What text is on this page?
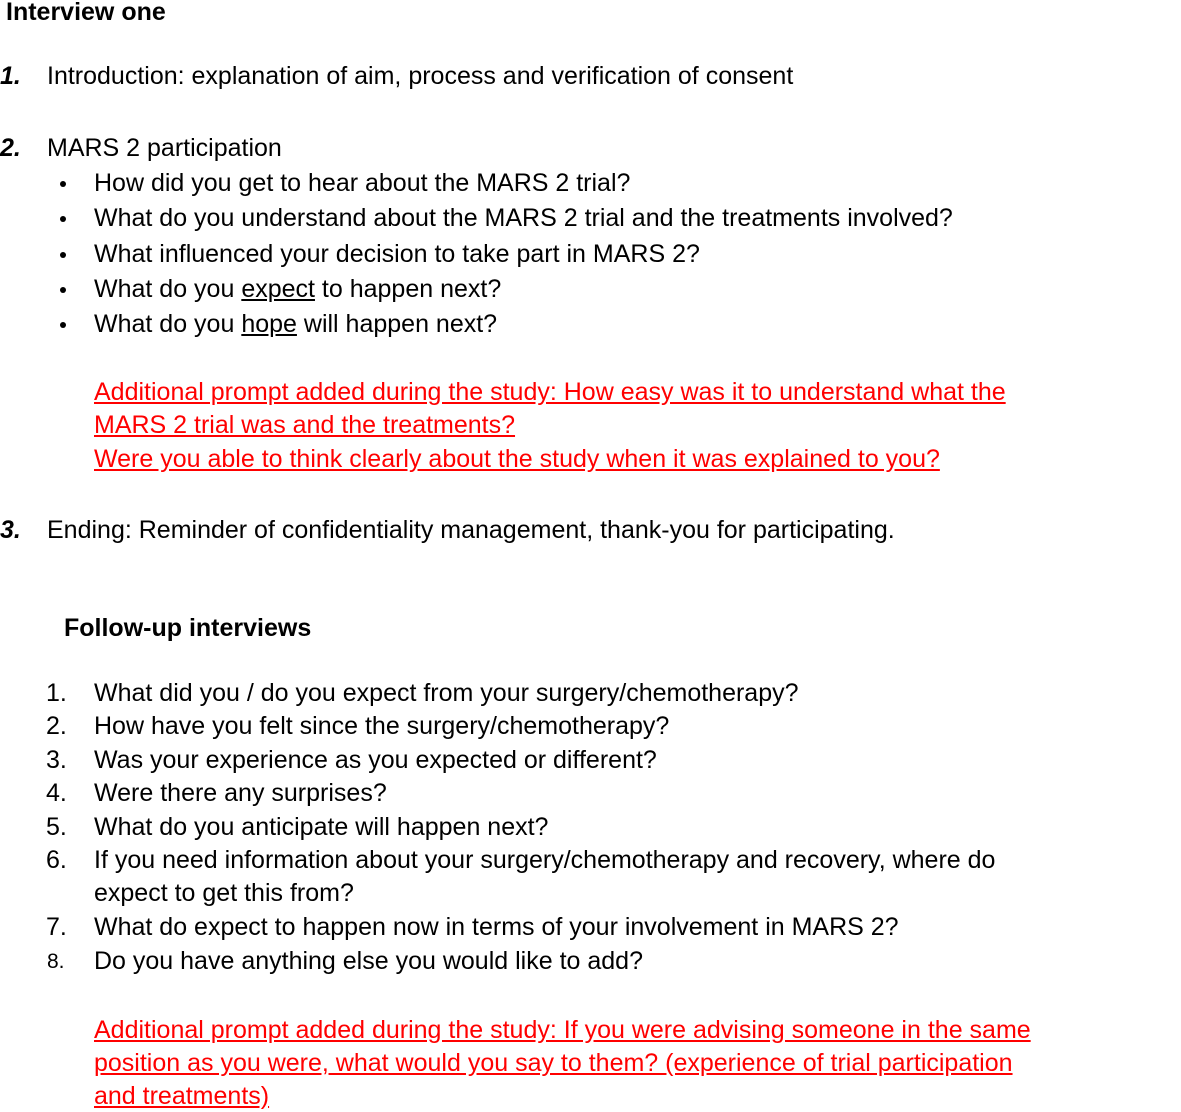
Interview one
1. Introduction: explanation of aim, process and verification of consent
2. MARS 2 participation
How did you get to hear about the MARS 2 trial?
What do you understand about the MARS 2 trial and the treatments involved?
What influenced your decision to take part in MARS 2?
What do you expect to happen next?
What do you hope will happen next?
Additional prompt added during the study: How easy was it to understand what the
MARS 2 trial was and the treatments?
Were you able to think clearly about the study when it was explained to you?
3. Ending: Reminder of confidentiality management, thank-you for participating.
Follow-up interviews
1. What did you / do you expect from your surgery/chemotherapy?
2. How have you felt since the surgery/chemotherapy?
3. Was your experience as you expected or different?
4. Were there any surprises?
5. What do you anticipate will happen next?
6. If you need information about your surgery/chemotherapy and recovery, where do
expect to get this from?
7. What do expect to happen now in terms of your involvement in MARS 2?
8. Do you have anything else you would like to add?
Additional prompt added during the study: If you were advising someone in the same
position as you were, what would you say to them? (experience of trial participation
and treatments)
